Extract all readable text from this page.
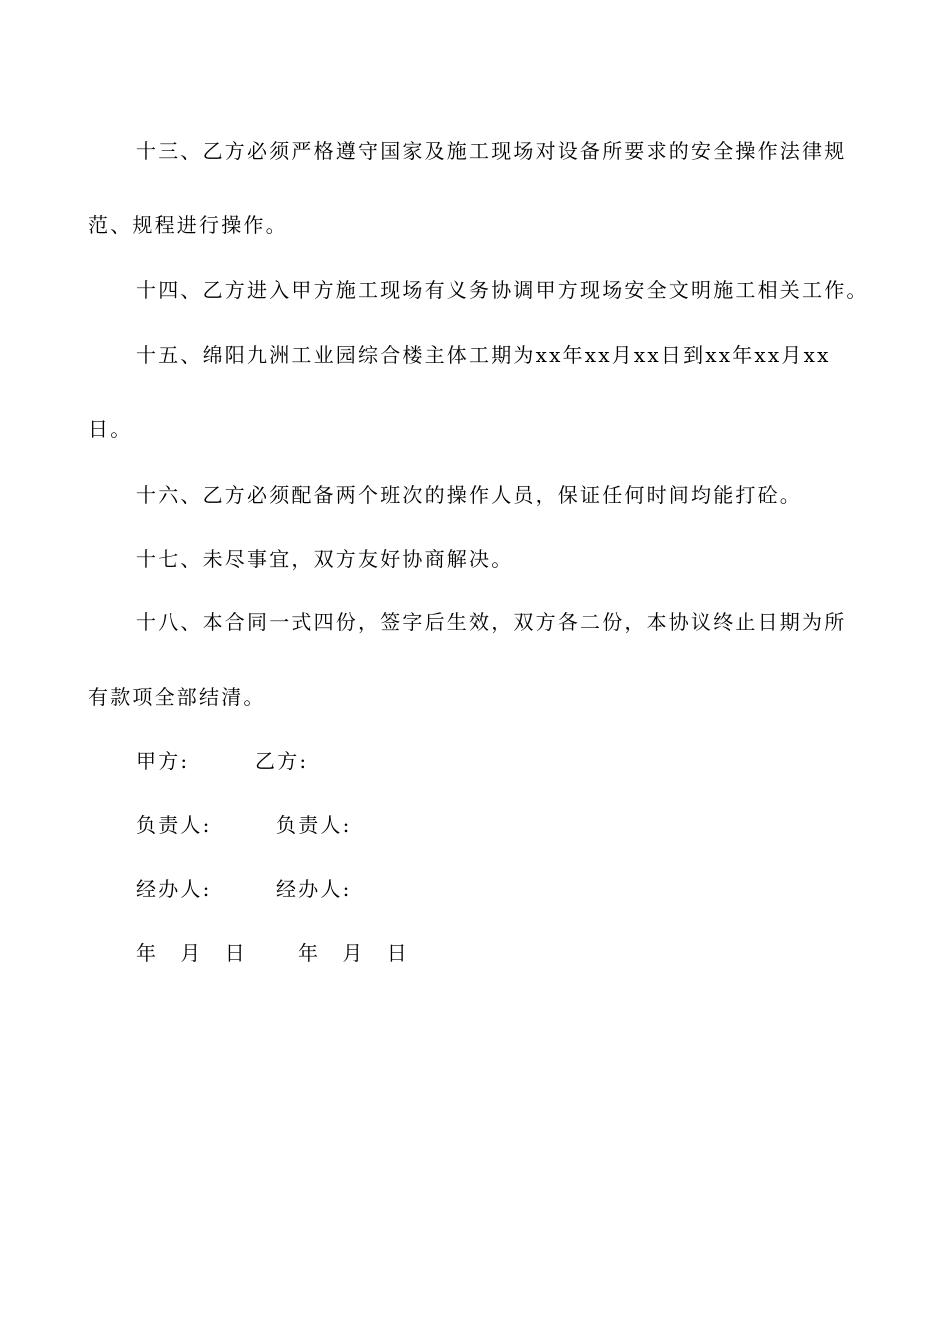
十三、乙方必须严格遵守国家及施工现场对设备所要求的安全操作法律规
范、规程进行操作。
十四、乙方进入甲方施工现场有义务协调甲方现场安全文明施工相关工作。
十五、绵阳九洲工业园综合楼主体工期为xx年xx月xx日到xx年xx月xx
日。
十六、乙方必须配备两个班次的操作人员，保证任何时间均能打砼。
十七、未尽事宜，双方友好协商解决。
十八、本合同一式四份，签字后生效，双方各二份，本协议终止日期为所
有款项全部结清。
甲方:	乙方:
负责人:	负责人:
经办人:	经办人:
年　月　日	年　月　日
